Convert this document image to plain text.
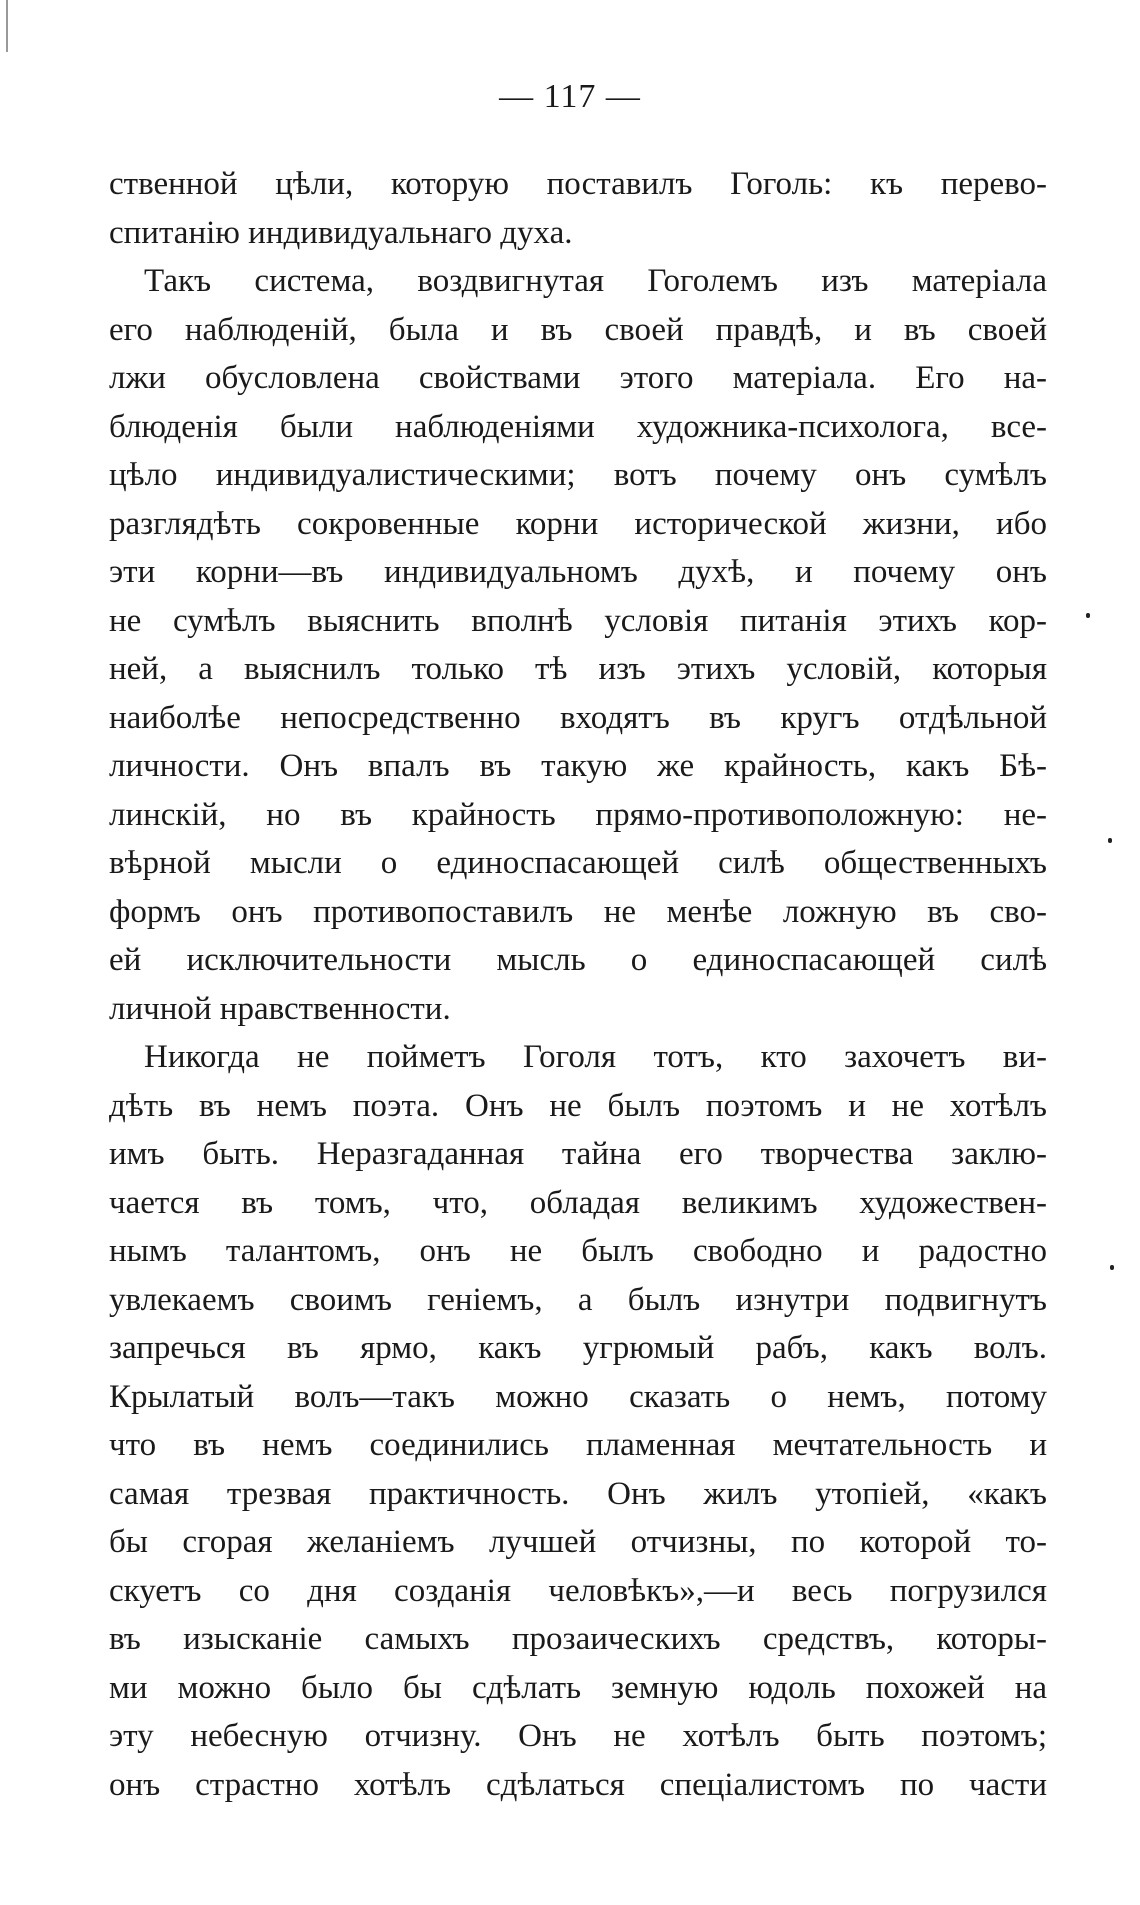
— 117 —
ственной цѣли, которую поставилъ Гоголь: къ перево-
спитанію индивидуальнаго духа.
Такъ система, воздвигнутая Гоголемъ изъ матеріала
его наблюденій, была и въ своей правдѣ, и въ своей
лжи обусловлена свойствами этого матеріала. Его на-
блюденія были наблюденіями художника-психолога, все-
цѣло индивидуалистическими; вотъ почему онъ сумѣлъ
разглядѣть сокровенные корни исторической жизни, ибо
эти корни—въ индивидуальномъ духѣ, и почему онъ
не сумѣлъ выяснить вполнѣ условія питанія этихъ кор-
ней, а выяснилъ только тѣ изъ этихъ условій, которыя
наиболѣе непосредственно входятъ въ кругъ отдѣльной
личности. Онъ впалъ въ такую же крайность, какъ Бѣ-
линскій, но въ крайность прямо-противоположную: не-
вѣрной мысли о единоспасающей силѣ общественныхъ
формъ онъ противопоставилъ не менѣе ложную въ сво-
ей исключительности мысль о единоспасающей силѣ
личной нравственности.
Никогда не пойметъ Гоголя тотъ, кто захочетъ ви-
дѣть въ немъ поэта. Онъ не былъ поэтомъ и не хотѣлъ
имъ быть. Неразгаданная тайна его творчества заклю-
чается въ томъ, что, обладая великимъ художествен-
нымъ талантомъ, онъ не былъ свободно и радостно
увлекаемъ своимъ геніемъ, а былъ изнутри подвигнутъ
запречься въ ярмо, какъ угрюмый рабъ, какъ волъ.
Крылатый волъ—такъ можно сказать о немъ, потому
что въ немъ соединились пламенная мечтательность и
самая трезвая практичность. Онъ жилъ утопіей, «какъ
бы сгорая желаніемъ лучшей отчизны, по которой то-
скуетъ со дня созданія человѣкъ»,—и весь погрузился
въ изысканіе самыхъ прозаическихъ средствъ, которы-
ми можно было бы сдѣлать земную юдоль похожей на
эту небесную отчизну. Онъ не хотѣлъ быть поэтомъ;
онъ страстно хотѣлъ сдѣлаться спеціалистомъ по части
